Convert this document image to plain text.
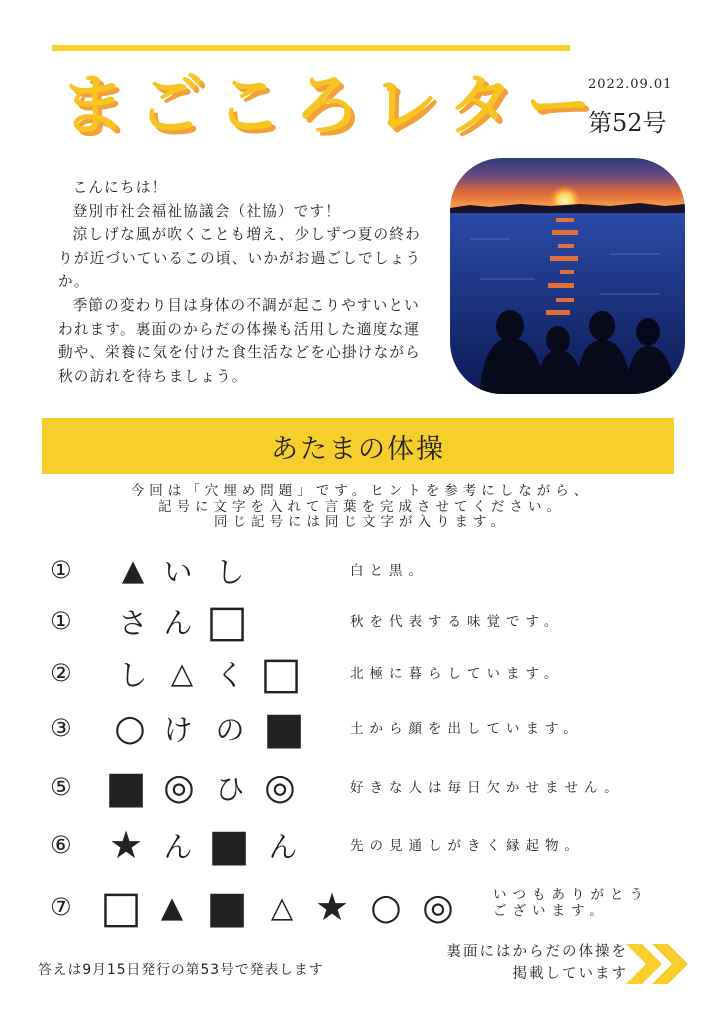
まごころレター
2022.09.01
第52号

こんにちは！

登別市社会福祉協議会（社協）です！

涼しげな風が吹くことも増え、少しずつ夏の終わりが近づいているこの頃、いかがお過ごしでしょうか。

季節の変わり目は身体の不調が起こりやすいといわれます。裏面のからだの体操も活用した適度な運動や、栄養に気を付けた食生活などを心掛けながら秋の訪れを待ちましょう。

あたまの体操
今回は「穴埋め問題」です。ヒントを参考にしながら、
記号に文字を入れて言葉を完成させてください。
同じ記号には同じ文字が入ります。
①	▲ い し	白と黒。
① さ ん □	秋を代表する味覚です。
② し △ く □	北極に暮らしています。
③ ○ け の ■	土から顔を出しています。
⑤ ■ ◎ ひ ◎	好きな人は毎日欠かせません。
⑥ ★ ん ■ ん	先の見通しがきく縁起物。
⑦ □ ▲ ■ △ ★ ○ ◎	いつもありがとう
ございます。
答えは9月15日発行の第53号で発表します
裏面にはからだの体操を
掲載しています
